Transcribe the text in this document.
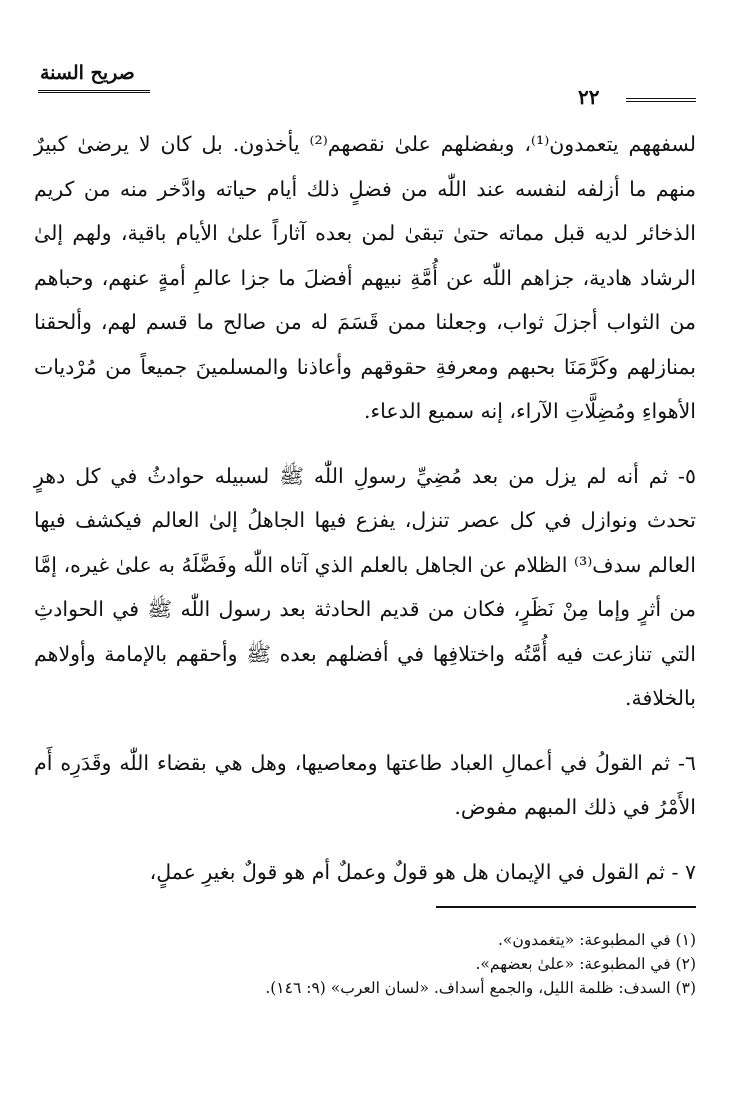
صريح السنة
٢٢

لسفههم يتعمدون⁽¹⁾، وبفضلهم علىٰ نقصهم⁽²⁾ يأخذون. بل كان لا يرضىٰ كبيرٌ منهم ما أزلفه لنفسه عند اللّٰه من فضلٍ ذلك أيام حياته وادَّخر منه من كريم الذخائر لديه قبل مماته حتىٰ تبقىٰ لمن بعده آثاراً علىٰ الأيام باقية، ولهم إلىٰ الرشاد هادية، جزاهم اللّٰه عن أُمَّةِ نبيهم أفضلَ ما جزا عالمِ أمةٍ عنهم، وحباهم من الثواب أجزلَ ثواب، وجعلنا ممن قَسَمَ له من صالح ما قسم لهم، وألحقنا بمنازلهم وكَرَّمَنَا بحبهم ومعرفةِ حقوقهم وأعاذنا والمسلمينَ جميعاً من مُرْديات الأهواءِ ومُضِلَّاتِ الآراء، إنه سميع الدعاء.

٥- ثم أنه لم يزل من بعد مُضِيِّ رسولِ اللّٰه ﷺ لسبيله حوادثُ في كل دهرٍ تحدث ونوازل في كل عصر تنزل، يفزع فيها الجاهلُ إلىٰ العالم فيكشف فيها العالم سدف⁽³⁾ الظلام عن الجاهل بالعلم الذي آتاه اللّٰه وفَضَّلَهُ به علىٰ غيره، إمَّا من أثرٍ وإما مِنْ نَظَرٍ، فكان من قديم الحادثة بعد رسول اللّٰه ﷺ في الحوادثِ التي تنازعت فيه أُمَّتُه واختلافِها في أفضلهم بعده ﷺ وأحقهم بالإمامة وأولاهم بالخلافة.

٦- ثم القولُ في أعمالِ العباد طاعتها ومعاصيها، وهل هي بقضاء اللّٰه وقَدَرِه أَم الأَمْرُ في ذلك المبهم مفوض.

٧ - ثم القول في الإيمان هل هو قولٌ وعملٌ أم هو قولٌ بغيرِ عملٍ،

(١) في المطبوعة: «يتغمدون».
(٢) في المطبوعة: «علىٰ بعضهم».
(٣) السدف: ظلمة الليل، والجمع أسداف. «لسان العرب» (٩: ١٤٦).
